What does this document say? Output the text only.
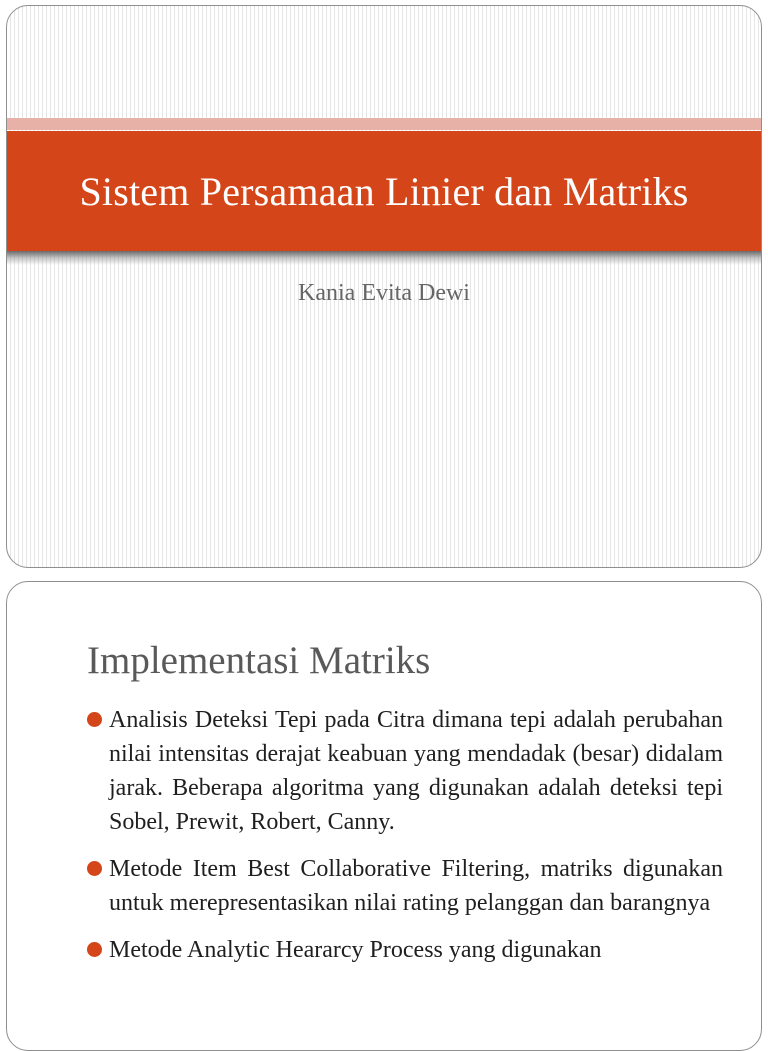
Sistem Persamaan Linier dan Matriks
Kania Evita Dewi
Implementasi Matriks
Analisis Deteksi Tepi pada Citra dimana tepi adalah perubahan nilai intensitas derajat keabuan yang mendadak (besar) didalam jarak. Beberapa algoritma yang digunakan adalah deteksi tepi Sobel, Prewit, Robert, Canny.
Metode Item Best Collaborative Filtering, matriks digunakan untuk merepresentasikan nilai rating pelanggan dan barangnya
Metode Analytic Heararcy Process yang digunakan
